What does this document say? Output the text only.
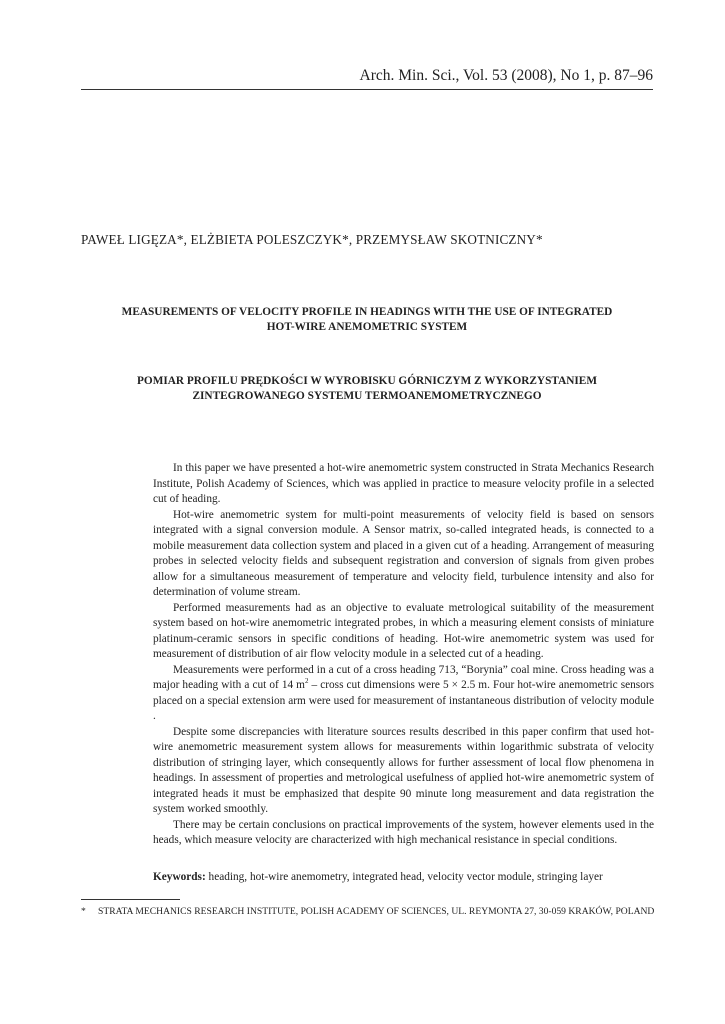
Arch. Min. Sci., Vol. 53 (2008), No 1, p. 87–96
PAWEŁ LIGĘZA*, ELŻBIETA POLESZCZYK*, PRZEMYSŁAW SKOTNICZNY*
MEASUREMENTS OF VELOCITY PROFILE IN HEADINGS WITH THE USE OF INTEGRATED
HOT-WIRE ANEMOMETRIC SYSTEM
POMIAR PROFILU PRĘDKOŚCI W WYROBISKU GÓRNICZYM Z WYKORZYSTANIEM
ZINTEGROWANEGO SYSTEMU TERMOANEMOMETRYCZNEGO

In this paper we have presented a hot-wire anemometric system constructed in Strata Mechanics Research Institute, Polish Academy of Sciences, which was applied in practice to measure velocity profile in a selected cut of heading.

Hot-wire anemometric system for multi-point measurements of velocity field is based on sensors integrated with a signal conversion module. A Sensor matrix, so-called integrated heads, is connected to a mobile measurement data collection system and placed in a given cut of a heading. Arrangement of measuring probes in selected velocity fields and subsequent registration and conversion of signals from given probes allow for a simultaneous measurement of temperature and velocity field, turbulence intensity and also for determination of volume stream.

Performed measurements had as an objective to evaluate metrological suitability of the measurement system based on hot-wire anemometric integrated probes, in which a measuring element consists of miniature platinum-ceramic sensors in specific conditions of heading. Hot-wire anemometric system was used for measurement of distribution of air flow velocity module in a selected cut of a heading.

Measurements were performed in a cut of a cross heading 713, “Borynia” coal mine. Cross heading was a major heading with a cut of 14 $m^2$ – cross cut dimensions were 5 × 2.5 m. Four hot-wire anemometric sensors placed on a special extension arm were used for measurement of instantaneous distribution of velocity module .

Despite some discrepancies with literature sources results described in this paper confirm that used hot-wire anemometric measurement system allows for measurements within logarithmic substrata of velocity distribution of stringing layer, which consequently allows for further assessment of local flow phenomena in headings. In assessment of properties and metrological usefulness of applied hot-wire anemometric system of integrated heads it must be emphasized that despite 90 minute long measurement and data registration the system worked smoothly.

There may be certain conclusions on practical improvements of the system, however elements used in the heads, which measure velocity are characterized with high mechanical resistance in special conditions.

Keywords: heading, hot-wire anemometry, integrated head, velocity vector module, stringing layer
* STRATA MECHANICS RESEARCH INSTITUTE, POLISH ACADEMY OF SCIENCES, UL. REYMONTA 27, 30-059 KRAKÓW, POLAND
